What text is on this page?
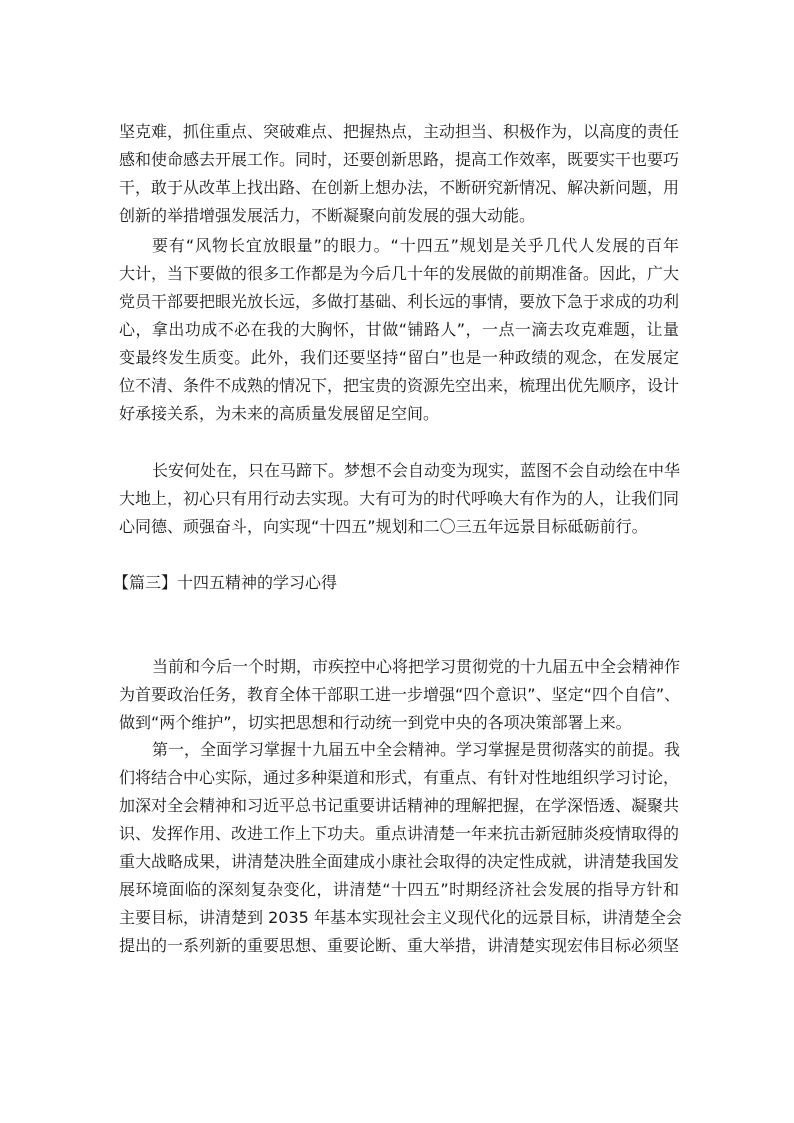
坚克难，抓住重点、突破难点、把握热点，主动担当、积极作为，以高度的责任
感和使命感去开展工作。同时，还要创新思路，提高工作效率，既要实干也要巧
干，敢于从改革上找出路、在创新上想办法，不断研究新情况、解决新问题，用
创新的举措增强发展活力，不断凝聚向前发展的强大动能。
要有“风物长宜放眼量”的眼力。“十四五”规划是关乎几代人发展的百年
大计，当下要做的很多工作都是为今后几十年的发展做的前期准备。因此，广大
党员干部要把眼光放长远，多做打基础、利长远的事情，要放下急于求成的功利
心，拿出功成不必在我的大胸怀，甘做“铺路人”，一点一滴去攻克难题，让量
变最终发生质变。此外，我们还要坚持“留白”也是一种政绩的观念，在发展定
位不清、条件不成熟的情况下，把宝贵的资源先空出来，梳理出优先顺序，设计
好承接关系，为未来的高质量发展留足空间。
长安何处在，只在马蹄下。梦想不会自动变为现实，蓝图不会自动绘在中华
大地上，初心只有用行动去实现。大有可为的时代呼唤大有作为的人，让我们同
心同德、顽强奋斗，向实现“十四五”规划和二〇三五年远景目标砥砺前行。
【篇三】十四五精神的学习心得
当前和今后一个时期，市疾控中心将把学习贯彻党的十九届五中全会精神作
为首要政治任务，教育全体干部职工进一步增强“四个意识”、坚定“四个自信”、
做到“两个维护”，切实把思想和行动统一到党中央的各项决策部署上来。
第一，全面学习掌握十九届五中全会精神。学习掌握是贯彻落实的前提。我
们将结合中心实际，通过多种渠道和形式，有重点、有针对性地组织学习讨论，
加深对全会精神和习近平总书记重要讲话精神的理解把握，在学深悟透、凝聚共
识、发挥作用、改进工作上下功夫。重点讲清楚一年来抗击新冠肺炎疫情取得的
重大战略成果，讲清楚决胜全面建成小康社会取得的决定性成就，讲清楚我国发
展环境面临的深刻复杂变化，讲清楚“十四五”时期经济社会发展的指导方针和
主要目标，讲清楚到 2035 年基本实现社会主义现代化的远景目标，讲清楚全会
提出的一系列新的重要思想、重要论断、重大举措，讲清楚实现宏伟目标必须坚
